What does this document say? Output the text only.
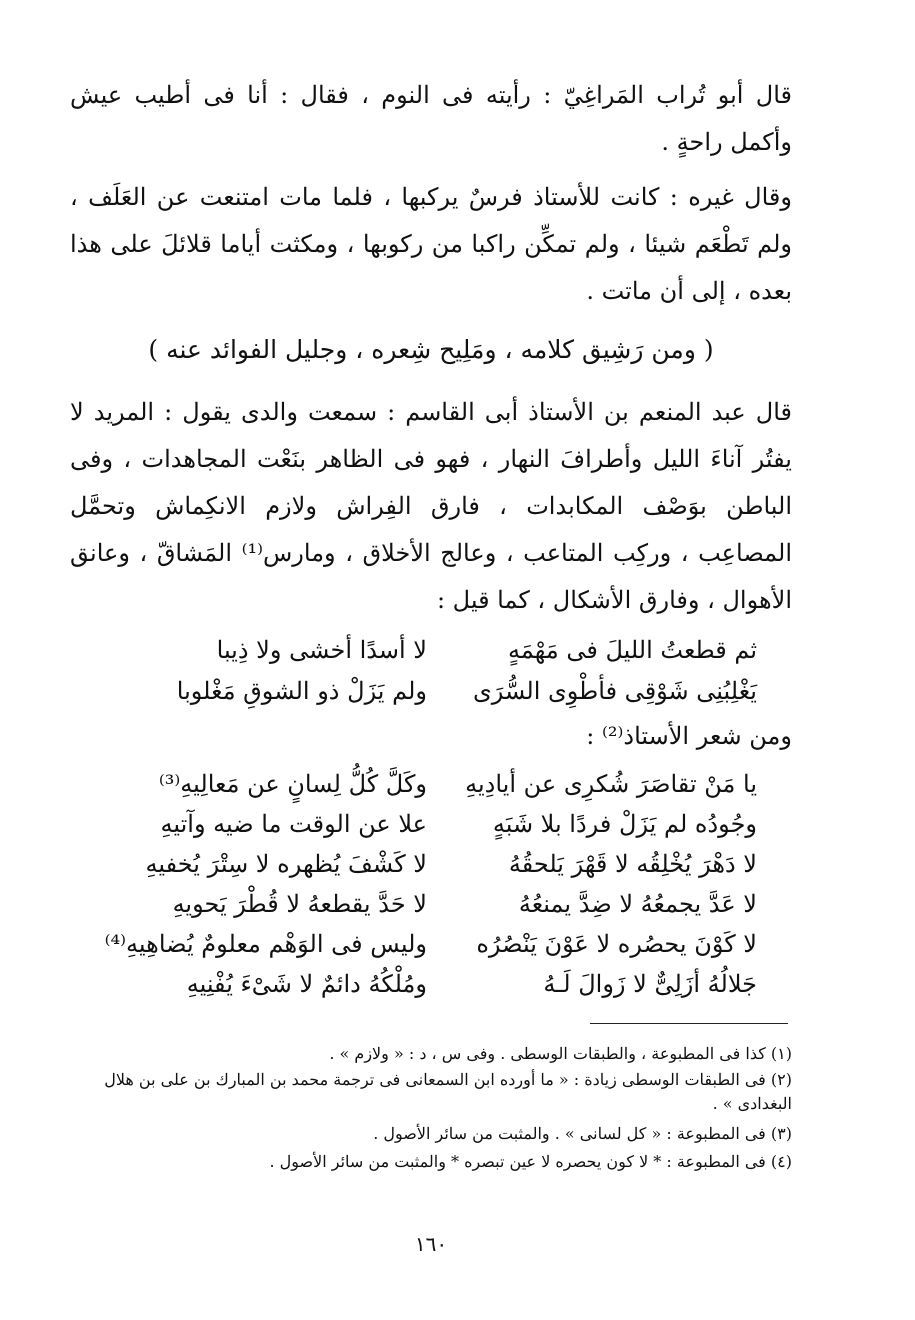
قال أبو تُراب المَراغِيّ : رأيته فى النوم ، فقال : أنا فى أطيب عيش وأكمل راحةٍ .

وقال غيره : كانت للأستاذ فرسٌ يركبها ، فلما مات امتنعت عن العَلَف ، ولم تَطْعَم شيئا ، ولم تمكِّن راكبا من ركوبها ، ومكثت أياما قلائلَ على هذا بعده ، إلى أن ماتت .

( ومن رَشِيق كلامه ، ومَلِيح شِعره ، وجليل الفوائد عنه )

قال عبد المنعم بن الأستاذ أبى القاسم : سمعت والدى يقول : المريد لا يفتُر آناءَ الليل وأطرافَ النهار ، فهو فى الظاهر بنَعْت المجاهدات ، وفى الباطن بوَصْف المكابدات ، فارق الفِراش ولازم الانكِماش وتحمَّل المصاعِب ، وركِب المتاعب ، وعالج الأخلاق ، ومارس⁽¹⁾ المَشاقّ ، وعانق الأهوال ، وفارق الأشكال ، كما قيل :

ثم قطعتُ الليلَ فى مَهْمَهٍ
لا أسدًا أخشى ولا ذِيبا
يَغْلِبُنِى شَوْقِى فأطْوِى السُّرَى
ولم يَزَلْ ذو الشوقِ مَغْلوبا

ومن شعر الأستاذ⁽²⁾ :

يا مَنْ تقاصَرَ شُكرِى عن أيادِيهِ
وكَلَّ كُلُّ لِسانٍ عن مَعالِيهِ⁽³⁾
وجُودُه لم يَزَلْ فردًا بلا شَبَهٍ
علا عن الوقت ما ضيه وآتيهِ
لا دَهْرَ يُخْلِقُه لا قَهْرَ يَلحقُهُ
لا كَشْفَ يُظهره لا سِتْرَ يُخفيهِ
لا عَدَّ يجمعُهُ لا ضِدَّ يمنعُهُ
لا حَدَّ يقطعهُ لا قُطْرَ يَحويهِ
لا كَوْنَ يحصُره لا عَوْنَ يَنْصُرُه
وليس فى الوَهْم معلومٌ يُضاهِيهِ⁽⁴⁾
جَلالُهُ أزَلِىٌّ لا زَوالَ لَـهُ
ومُلْكُهُ دائمٌ لا شَىْءَ يُفْنِيهِ

(١) كذا فى المطبوعة ، والطبقات الوسطى . وفى س ، د : « ولازم » .

(٢) فى الطبقات الوسطى زيادة : « ما أورده ابن السمعانى فى ترجمة محمد بن المبارك بن على بن هلال البغدادى » .

(٣) فى المطبوعة : « كل لسانى » . والمثبت من سائر الأصول .

(٤) فى المطبوعة : * لا كون يحصره لا عين تبصره * والمثبت من سائر الأصول .

١٦٠
